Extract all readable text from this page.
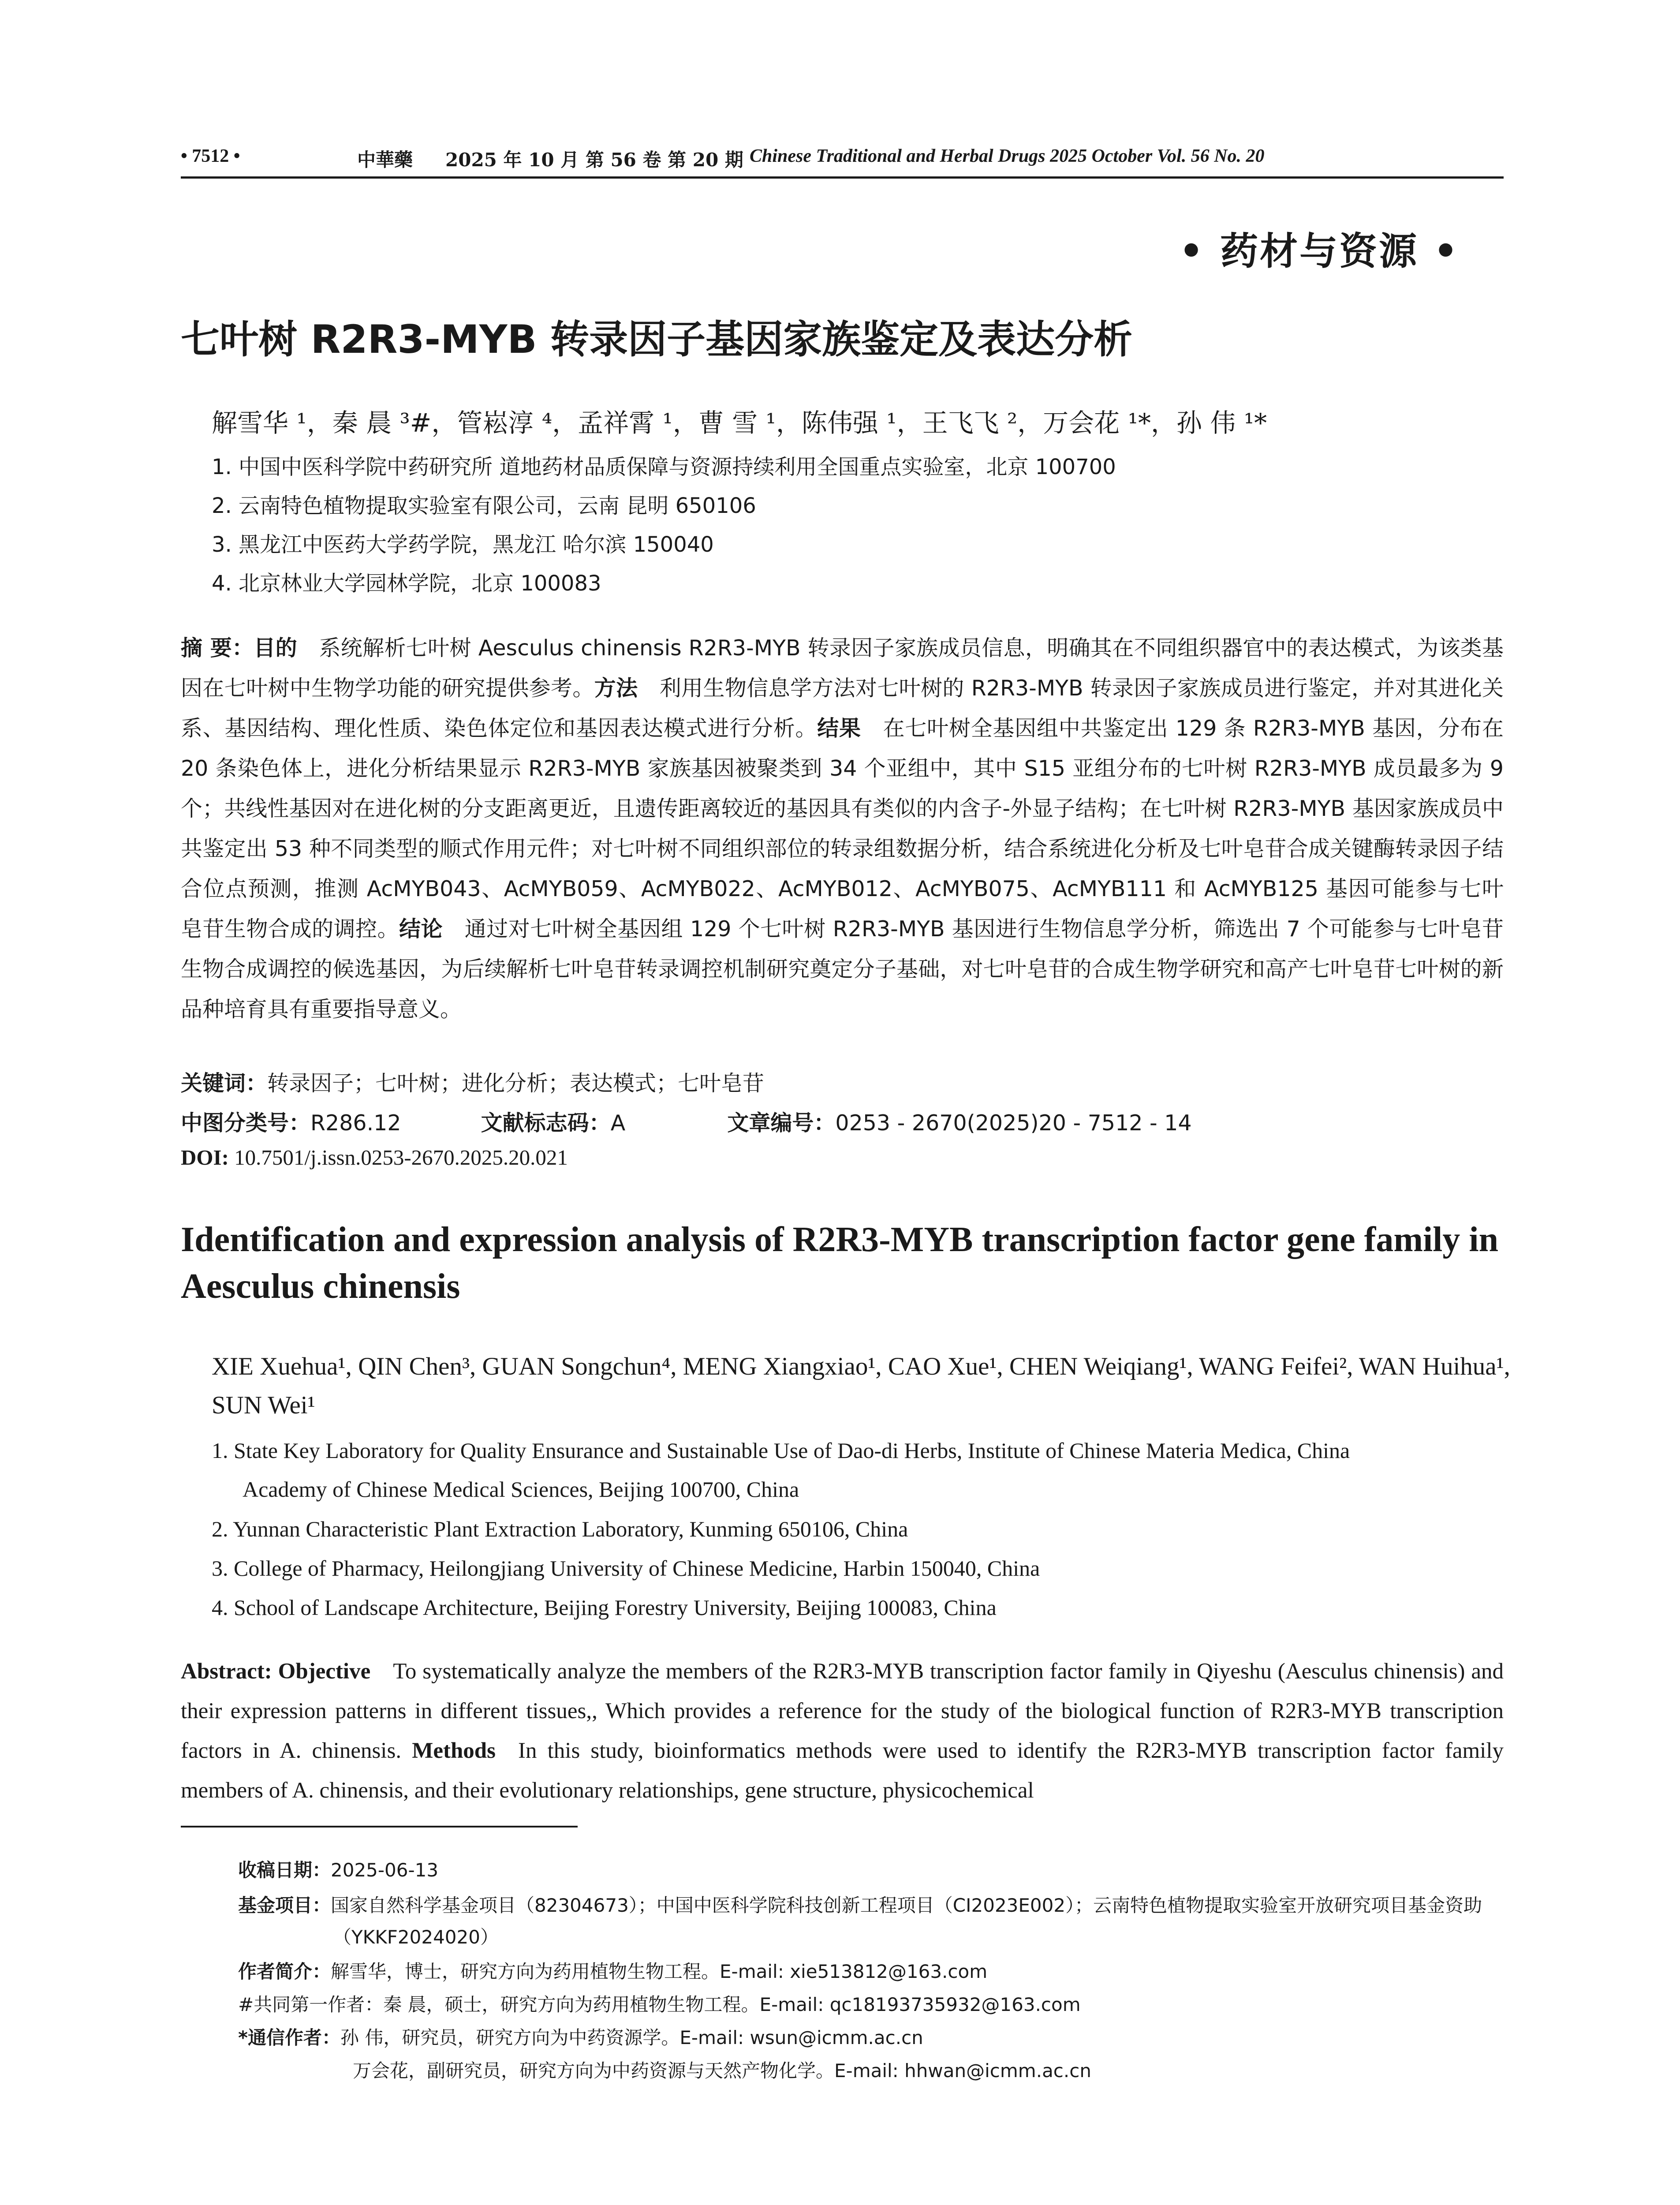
• 7512 •	中華藥 2025 年 10 月 第 56 卷 第 20 期 Chinese Traditional and Herbal Drugs 2025 October Vol. 56 No. 20
• 药材与资源 •
七叶树 R2R3-MYB 转录因子基因家族鉴定及表达分析
解雪华 ¹，秦 晨 ³#，管崧淳 ⁴，孟祥霄 ¹，曹 雪 ¹，陈伟强 ¹，王飞飞 ²，万会花 ¹*，孙 伟 ¹*
1. 中国中医科学院中药研究所 道地药材品质保障与资源持续利用全国重点实验室，北京 100700
2. 云南特色植物提取实验室有限公司，云南 昆明 650106
3. 黑龙江中医药大学药学院，黑龙江 哈尔滨 150040
4. 北京林业大学园林学院，北京 100083
摘 要：目的  系统解析七叶树 Aesculus chinensis R2R3-MYB 转录因子家族成员信息，明确其在不同组织器官中的表达模式，为该类基因在七叶树中生物学功能的研究提供参考。方法  利用生物信息学方法对七叶树的 R2R3-MYB 转录因子家族成员进行鉴定，并对其进化关系、基因结构、理化性质、染色体定位和基因表达模式进行分析。结果  在七叶树全基因组中共鉴定出 129 条 R2R3-MYB 基因，分布在 20 条染色体上，进化分析结果显示 R2R3-MYB 家族基因被聚类到 34 个亚组中，其中 S15 亚组分布的七叶树 R2R3-MYB 成员最多为 9 个；共线性基因对在进化树的分支距离更近，且遗传距离较近的基因具有类似的内含子-外显子结构；在七叶树 R2R3-MYB 基因家族成员中共鉴定出 53 种不同类型的顺式作用元件；对七叶树不同组织部位的转录组数据分析，结合系统进化分析及七叶皂苷合成关键酶转录因子结合位点预测，推测 AcMYB043、AcMYB059、AcMYB022、AcMYB012、AcMYB075、AcMYB111 和 AcMYB125 基因可能参与七叶皂苷生物合成的调控。结论  通过对七叶树全基因组 129 个七叶树 R2R3-MYB 基因进行生物信息学分析，筛选出 7 个可能参与七叶皂苷生物合成调控的候选基因，为后续解析七叶皂苷转录调控机制研究奠定分子基础，对七叶皂苷的合成生物学研究和高产七叶皂苷七叶树的新品种培育具有重要指导意义。
关键词：转录因子；七叶树；进化分析；表达模式；七叶皂苷
中图分类号：R286.12	文献标志码：A	文章编号：0253 - 2670(2025)20 - 7512 - 14
DOI: 10.7501/j.issn.0253-2670.2025.20.021
Identification and expression analysis of R2R3-MYB transcription factor gene family in Aesculus chinensis
XIE Xuehua¹, QIN Chen³, GUAN Songchun⁴, MENG Xiangxiao¹, CAO Xue¹, CHEN Weiqiang¹, WANG Feifei², WAN Huihua¹, SUN Wei¹
1. State Key Laboratory for Quality Ensurance and Sustainable Use of Dao-di Herbs, Institute of Chinese Materia Medica, China
Academy of Chinese Medical Sciences, Beijing 100700, China
2. Yunnan Characteristic Plant Extraction Laboratory, Kunming 650106, China
3. College of Pharmacy, Heilongjiang University of Chinese Medicine, Harbin 150040, China
4. School of Landscape Architecture, Beijing Forestry University, Beijing 100083, China
Abstract: Objective  To systematically analyze the members of the R2R3-MYB transcription factor family in Qiyeshu (Aesculus chinensis) and their expression patterns in different tissues,, Which provides a reference for the study of the biological function of R2R3-MYB transcription factors in A. chinensis. Methods  In this study, bioinformatics methods were used to identify the R2R3-MYB transcription factor family members of A. chinensis, and their evolutionary relationships, gene structure, physicochemical
收稿日期：2025-06-13
基金项目：国家自然科学基金项目（82304673）；中国中医科学院科技创新工程项目（CI2023E002）；云南特色植物提取实验室开放研究项目基金资助（YKKF2024020）
作者简介：解雪华，博士，研究方向为药用植物生物工程。E-mail: xie513812@163.com
#共同第一作者：秦 晨，硕士，研究方向为药用植物生物工程。E-mail: qc18193735932@163.com
*通信作者：孙 伟，研究员，研究方向为中药资源学。E-mail: wsun@icmm.ac.cn
万会花，副研究员，研究方向为中药资源与天然产物化学。E-mail: hhwan@icmm.ac.cn
